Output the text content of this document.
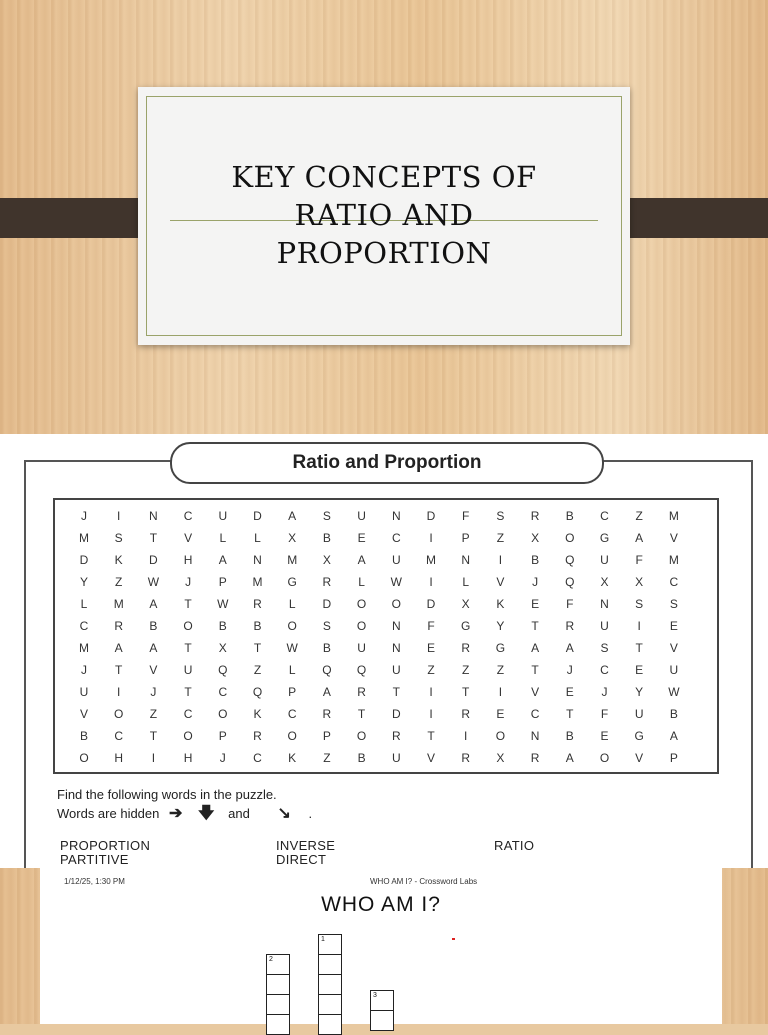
KEY CONCEPTS OF
RATIO AND
PROPORTION
Ratio and Proportion
J	I	N	C	U	D	A	S	U	N	D	F	S	R	B	C	Z	M
M	S	T	V	L	L	X	B	E	C	I	P	Z	X	O	G	A	V
D	K	D	H	A	N	M	X	A	U	M	N	I	B	Q	U	F	M
Y	Z	W	J	P	M	G	R	L	W	I	L	V	J	Q	X	X	C
L	M	A	T	W	R	L	D	O	O	D	X	K	E	F	N	S	S
C	R	B	O	B	B	O	S	O	N	F	G	Y	T	R	U	I	E
M	A	A	T	X	T	W	B	U	N	E	R	G	A	A	S	T	V
J	T	V	U	Q	Z	L	Q	Q	U	Z	Z	Z	T	J	C	E	U
U	I	J	T	C	Q	P	A	R	T	I	T	I	V	E	J	Y	W
V	O	Z	C	O	K	C	R	T	D	I	R	E	C	T	F	U	B
B	C	T	O	P	R	O	P	O	R	T	I	O	N	B	E	G	A
O	H	I	H	J	C	K	Z	B	U	V	R	X	R	A	O	V	P
Find the following words in the puzzle.
Words are hidden ➔ 🡇 and ↘ .
PROPORTION	INVERSE	RATIO
PARTITIVE	DIRECT
1/12/25, 1:30 PM	WHO AM I? - Crossword Labs
WHO AM I?
1
2
3
